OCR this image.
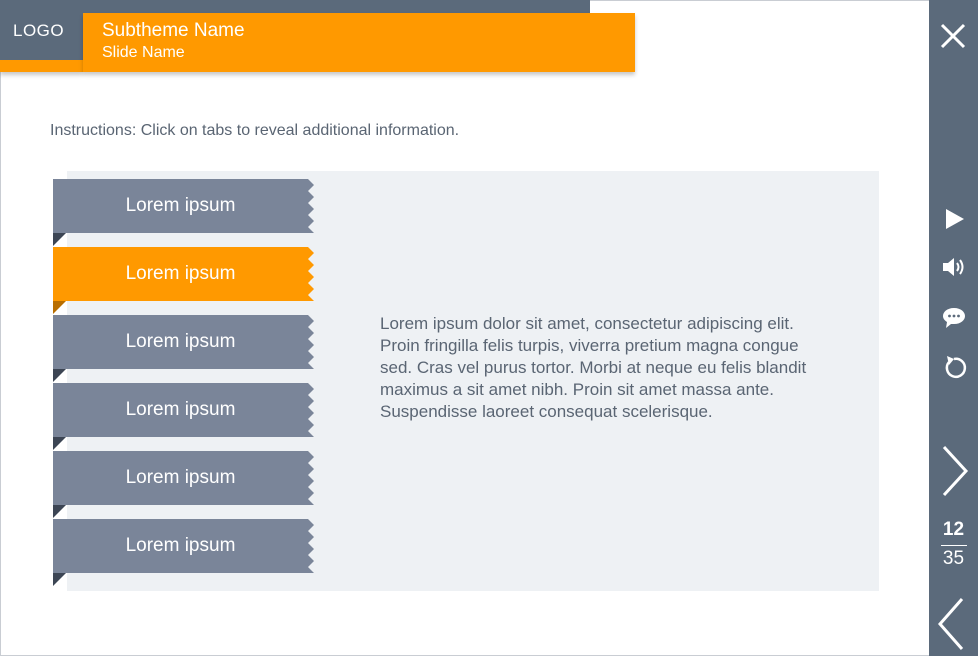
LOGO Subtheme Name
Slide Name
Instructions: Click on tabs to reveal additional information.
Lorem ipsum
Lorem ipsum
Lorem ipsum
Lorem ipsum
Lorem ipsum
Lorem ipsum
Lorem ipsum dolor sit amet, consectetur adipiscing elit. Proin fringilla felis turpis, viverra pretium magna congue sed. Cras vel purus tortor. Morbi at neque eu felis blandit maximus a sit amet nibh. Proin sit amet massa ante. Suspendisse laoreet consequat scelerisque.
12
35
